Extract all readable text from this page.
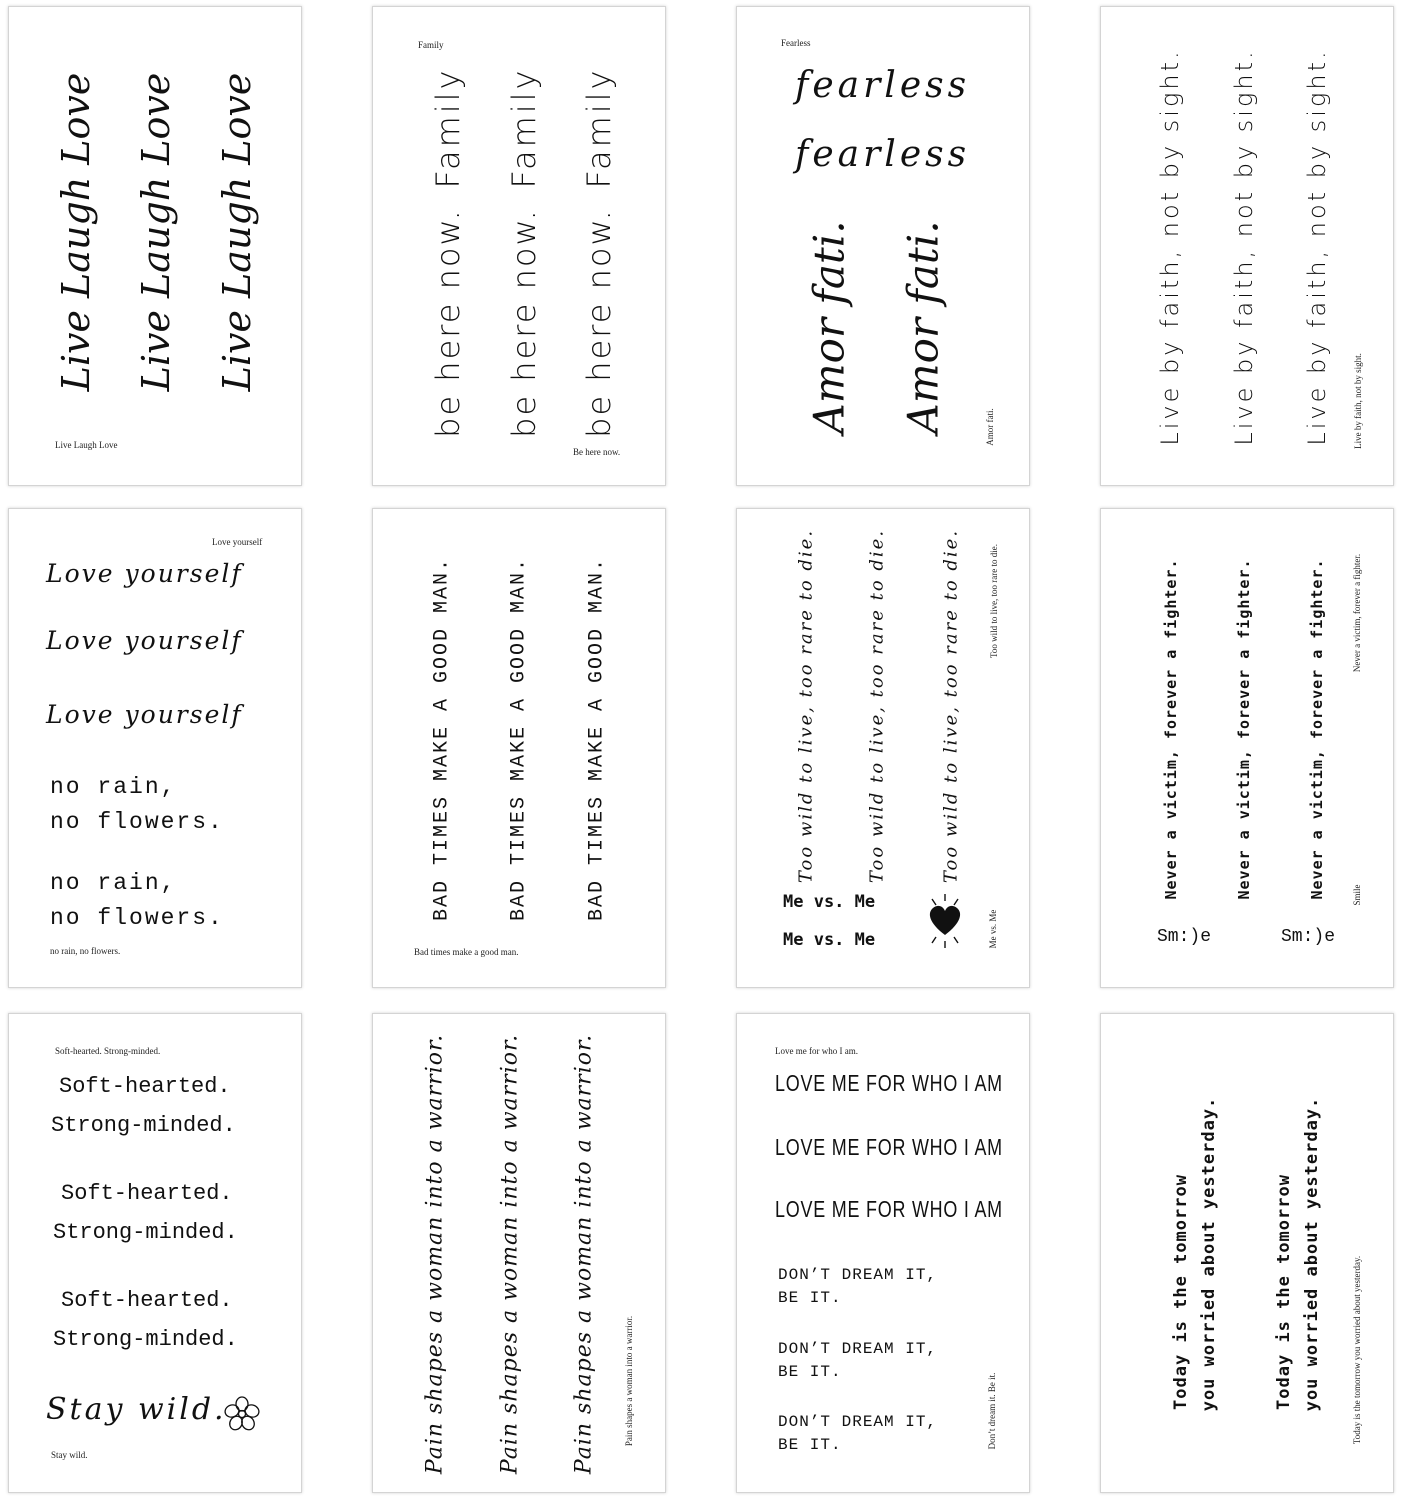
Live Laugh Love Live Laugh Love Live Laugh Love
Live Laugh Love
Family
Family Family Family
be here now. be here now. be here now.
Be here now.
Fearless
fearless
fearless
Amor fati. Amor fati.	Amor fati.	Live by faith, not by sight. Live by faith, not by sight. Live by faith, not by sight. Live by faith, not by sight.
Love yourself
Love yourself
Love yourself
Love yourself
no rain,
no flowers.
no rain,
no flowers.
no rain, no flowers.
BAD TIMES MAKE A GOOD MAN.	BAD TIMES MAKE A GOOD MAN.	BAD TIMES MAKE A GOOD MAN.
Bad times make a good man.
Too wild to live, too rare to die.	Too wild to live, too rare to die.	Too wild to live, too rare to die.	Too wild to live, too rare to die.
Me vs. Me
Me vs. Me	Me vs. Me
Never a victim, forever a fighter.	Never a victim, forever a fighter.	Never a victim, forever a fighter.	Never a victim, forever a fighter.
Sm:)e	Sm:)e
Smile
Soft-hearted. Strong-minded.
Soft-hearted.
Strong-minded.
Soft-hearted.
Strong-minded.
Soft-hearted.
Strong-minded.
Stay wild.
Stay wild.	Pain shapes a woman into a warrior. Pain shapes a woman into a warrior. Pain shapes a woman into a warrior.	Pain shapes a woman into a warrior.
Love me for who I am.
LOVE ME FOR WHO I AM
LOVE ME FOR WHO I AM
LOVE ME FOR WHO I AM
DON’T DREAM IT,
BE IT.
DON’T DREAM IT,
BE IT.
DON’T DREAM IT,
BE IT.	Don’t dream it. Be it.
Today is the tomorrow you worried about yesterday.	Today is the tomorrow you worried about yesterday.	Today is the tomorrow you worried about yesterday.
